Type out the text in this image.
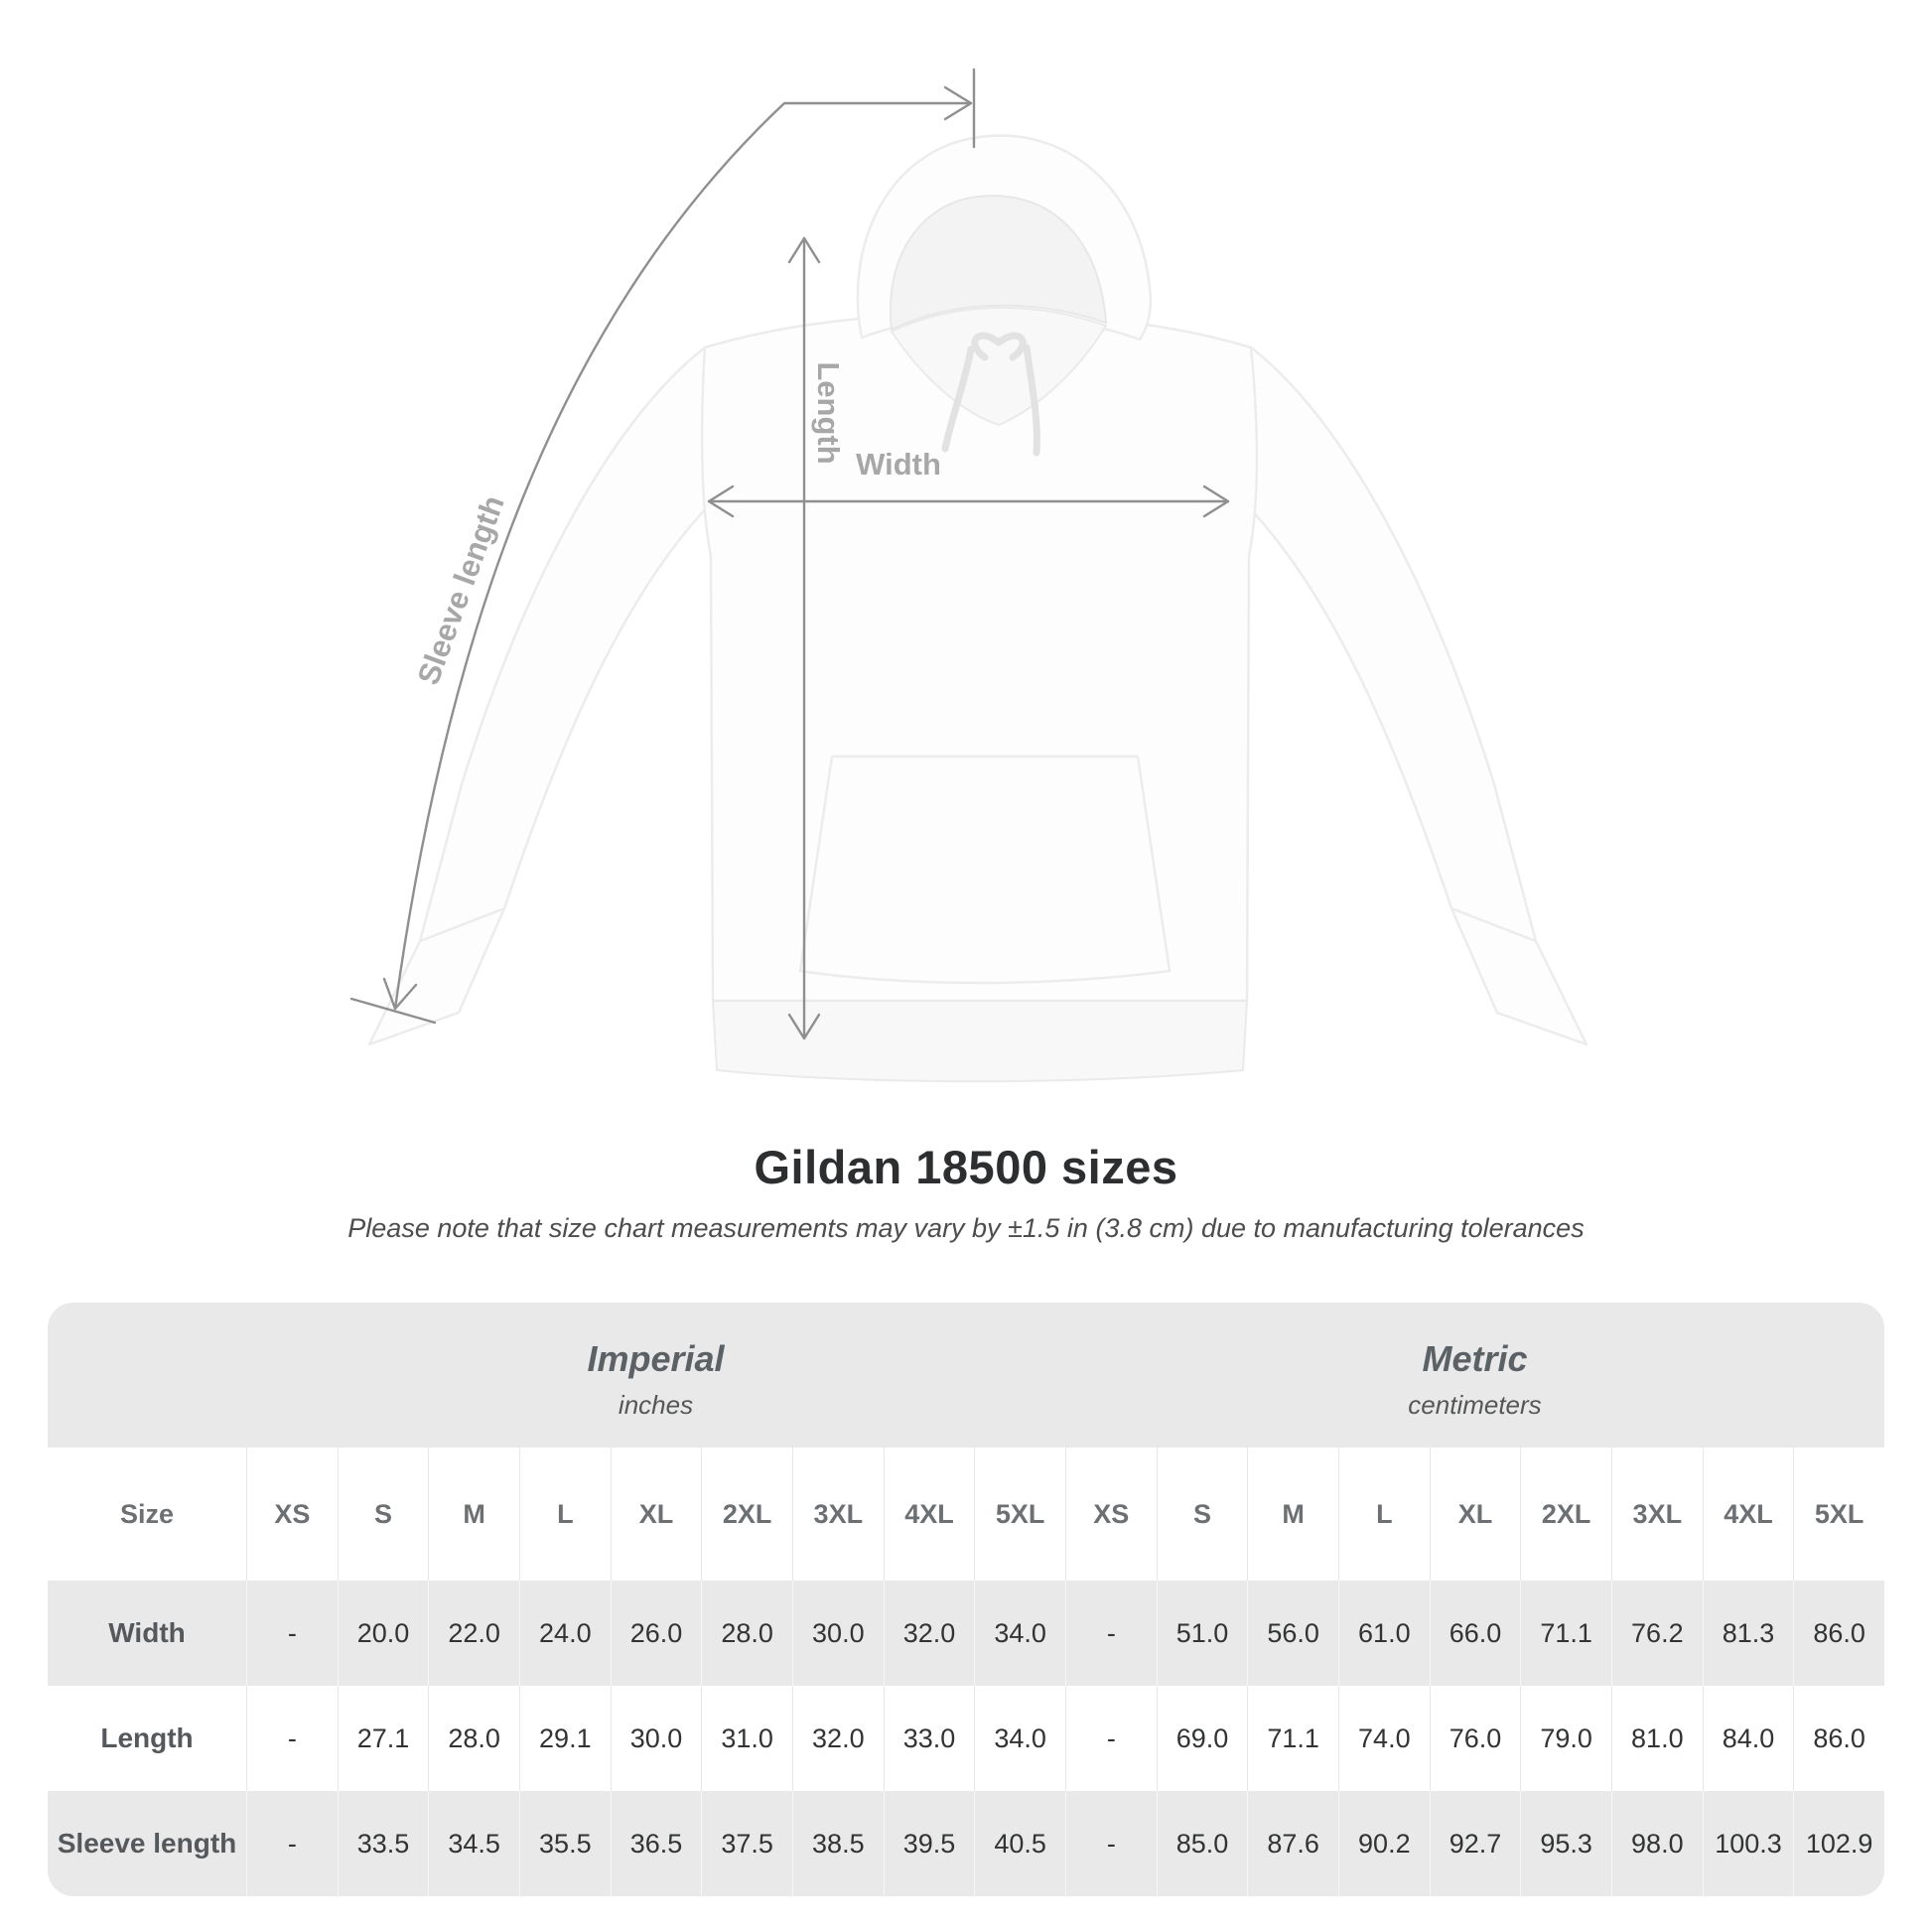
Sleeve length
Length Width
Gildan 18500 sizes
Please note that size chart measurements may vary by ±1.5 in (3.8 cm) due to manufacturing tolerances
Imperial
inches
Metric
centimeters
Size	XS	S	M	L	XL	2XL	3XL	4XL	5XL	XS	S	M	L	XL	2XL	3XL	4XL	5XL
Width	-	20.0	22.0	24.0	26.0	28.0	30.0	32.0	34.0	-	51.0	56.0	61.0	66.0	71.1	76.2	81.3	86.0
Length	-	27.1	28.0	29.1	30.0	31.0	32.0	33.0	34.0	-	69.0	71.1	74.0	76.0	79.0	81.0	84.0	86.0
Sleeve length	-	33.5	34.5	35.5	36.5	37.5	38.5	39.5	40.5	-	85.0	87.6	90.2	92.7	95.3	98.0	100.3 102.9
